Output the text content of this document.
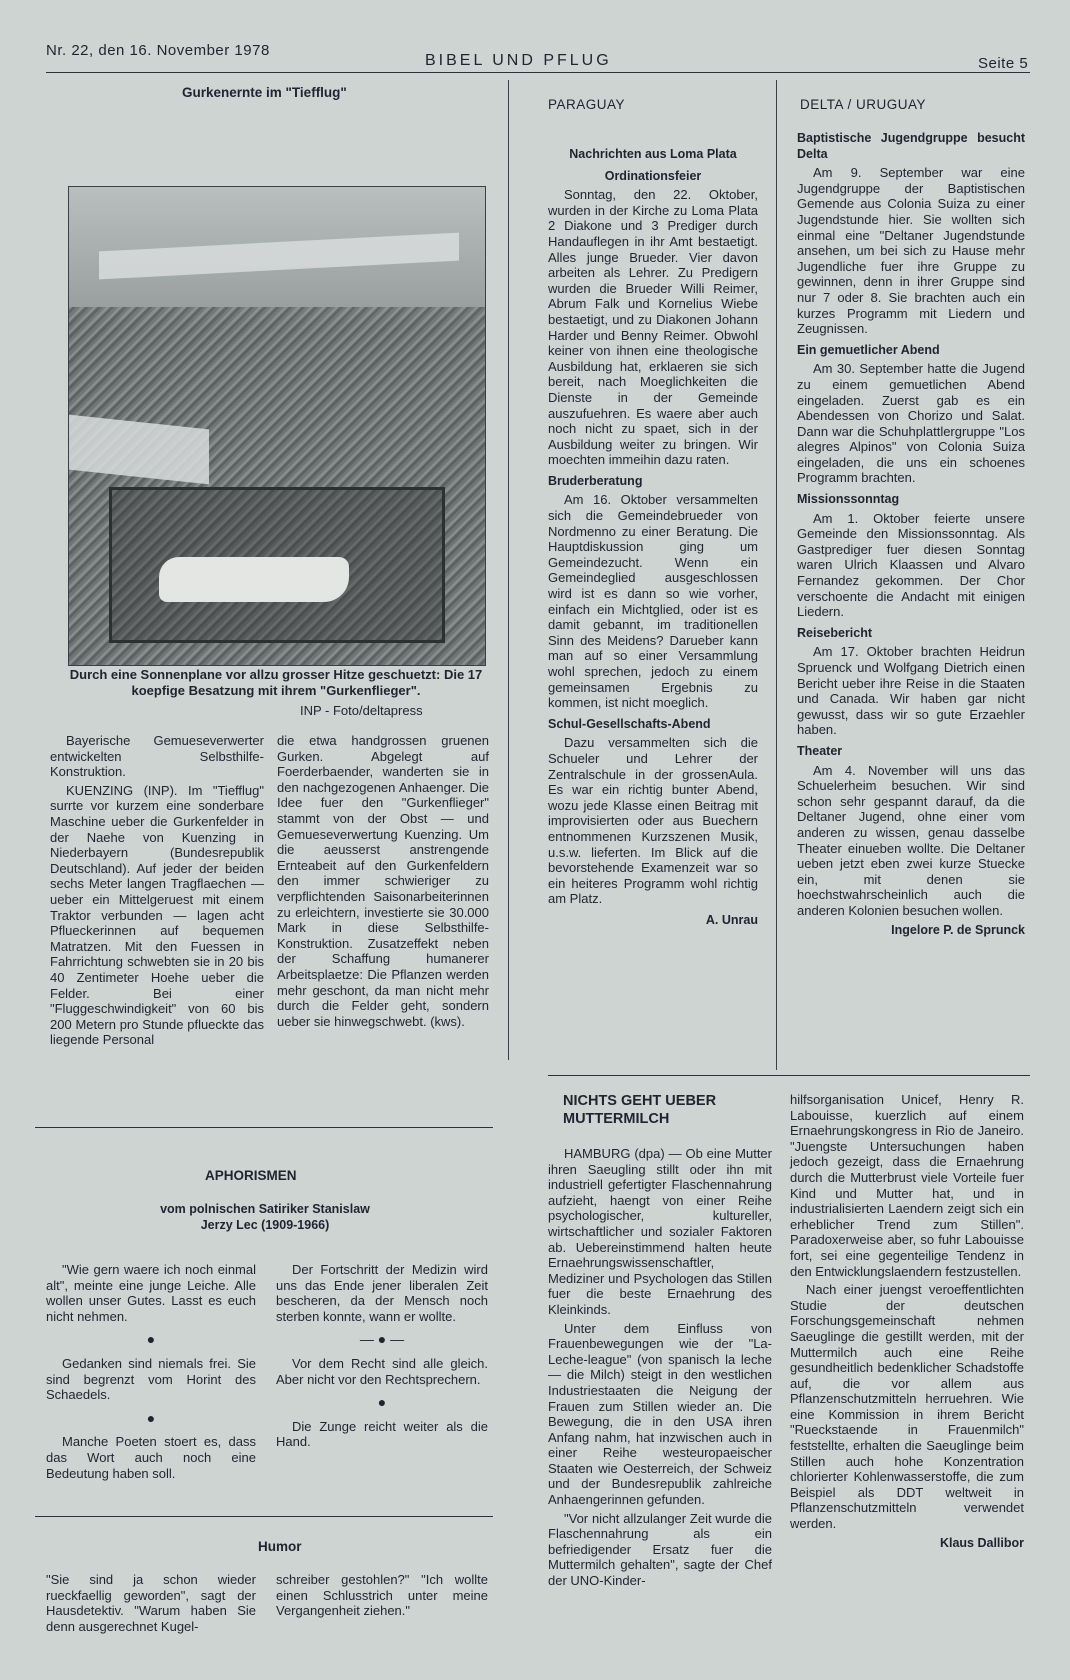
Nr. 22, den 16. November 1978
BIBEL UND PFLUG	Seite 5
Gurkenernte im "Tiefflug"
Durch eine Sonnenplane vor allzu grosser Hitze geschuetzt: Die 17 koepfige Besatzung mit ihrem "Gurkenflieger".
INP - Foto/deltapress

Bayerische Gemueseverwerter entwickelten Selbsthilfe-Konstruktion.

KUENZING (INP). Im "Tiefflug" surrte vor kurzem eine sonderbare Maschine ueber die Gurkenfelder in der Naehe von Kuenzing in Niederbayern (Bundesrepublik Deutschland). Auf jeder der beiden sechs Meter langen Tragflaechen — ueber ein Mittelgeruest mit einem Traktor verbunden — lagen acht Pflueckerinnen auf bequemen Matratzen. Mit den Fuessen in Fahrrichtung schwebten sie in 20 bis 40 Zentimeter Hoehe ueber die Felder. Bei einer "Fluggeschwindigkeit" von 60 bis 200 Metern pro Stunde pflueckte das liegende Personal

die etwa handgrossen gruenen Gurken. Abgelegt auf Foerderbaender, wanderten sie in den nachgezogenen Anhaenger. Die Idee fuer den "Gurkenflieger" stammt von der Obst — und Gemueseverwertung Kuenzing. Um die aeusserst anstrengende Ernteabeit auf den Gurkenfeldern den immer schwieriger zu verpflichtenden Saisonarbeiterinnen zu erleichtern, investierte sie 30.000 Mark in diese Selbsthilfe-Konstruktion. Zusatzeffekt neben der Schaffung humanerer Arbeitsplaetze: Die Pflanzen werden mehr geschont, da man nicht mehr durch die Felder geht, sondern ueber sie hinwegschwebt. (kws).

APHORISMEN
vom polnischen Satiriker Stanislaw Jerzy Lec (1909-1966)

"Wie gern waere ich noch einmal alt", meinte eine junge Leiche. Alle wollen unser Gutes. Lasst es euch nicht nehmen.

●

Gedanken sind niemals frei. Sie sind begrenzt vom Horint des Schaedels.

●

Manche Poeten stoert es, dass das Wort auch noch eine Bedeutung haben soll.

Der Fortschritt der Medizin wird uns das Ende jener liberalen Zeit bescheren, da der Mensch noch sterben konnte, wann er wollte.

— ● —

Vor dem Recht sind alle gleich. Aber nicht vor den Rechtsprechern.

●

Die Zunge reicht weiter als die Hand.

Humor

"Sie sind ja schon wieder rueckfaellig geworden", sagt der Hausdetektiv. "Warum haben Sie denn ausgerechnet Kugel-

schreiber gestohlen?" "Ich wollte einen Schlusstrich unter meine Vergangenheit ziehen."

PARAGUAY
Nachrichten aus Loma Plata
Ordinationsfeier

Sonntag, den 22. Oktober, wurden in der Kirche zu Loma Plata 2 Diakone und 3 Prediger durch Handauflegen in ihr Amt bestaetigt. Alles junge Brueder. Vier davon arbeiten als Lehrer. Zu Predigern wurden die Brueder Willi Reimer, Abrum Falk und Kornelius Wiebe bestaetigt, und zu Diakonen Johann Harder und Benny Reimer. Obwohl keiner von ihnen eine theologische Ausbildung hat, erklaeren sie sich bereit, nach Moeglichkeiten die Dienste in der Gemeinde auszufuehren. Es waere aber auch noch nicht zu spaet, sich in der Ausbildung weiter zu bringen. Wir moechten immeihin dazu raten.

Bruderberatung

Am 16. Oktober versammelten sich die Gemeindebrueder von Nordmenno zu einer Beratung. Die Hauptdiskussion ging um Gemeindezucht. Wenn ein Gemeindeglied ausgeschlossen wird ist es dann so wie vorher, einfach ein Michtglied, oder ist es damit gebannt, im traditionellen Sinn des Meidens? Darueber kann man auf so einer Versammlung wohl sprechen, jedoch zu einem gemeinsamen Ergebnis zu kommen, ist nicht moeglich.

Schul-Gesellschafts-Abend

Dazu versammelten sich die Schueler und Lehrer der Zentralschule in der grossenAula. Es war ein richtig bunter Abend, wozu jede Klasse einen Beitrag mit improvisierten oder aus Buechern entnommenen Kurzszenen Musik, u.s.w. lieferten. Im Blick auf die bevorstehende Examenzeit war so ein heiteres Programm wohl richtig am Platz.

A. Unrau
DELTA / URUGUAY
Baptistische Jugendgruppe besucht Delta

Am 9. September war eine Jugendgruppe der Baptistischen Gemende aus Colonia Suiza zu einer Jugendstunde hier. Sie wollten sich einmal eine "Deltaner Jugendstunde ansehen, um bei sich zu Hause mehr Jugendliche fuer ihre Gruppe zu gewinnen, denn in ihrer Gruppe sind nur 7 oder 8. Sie brachten auch ein kurzes Programm mit Liedern und Zeugnissen.

Ein gemuetlicher Abend

Am 30. September hatte die Jugend zu einem gemuetlichen Abend eingeladen. Zuerst gab es ein Abendessen von Chorizo und Salat. Dann war die Schuhplattlergruppe "Los alegres Alpinos" von Colonia Suiza eingeladen, die uns ein schoenes Programm brachten.

Missionssonntag

Am 1. Oktober feierte unsere Gemeinde den Missionssonntag. Als Gastprediger fuer diesen Sonntag waren Ulrich Klaassen und Alvaro Fernandez gekommen. Der Chor verschoente die Andacht mit einigen Liedern.

Reisebericht

Am 17. Oktober brachten Heidrun Spruenck und Wolfgang Dietrich einen Bericht ueber ihre Reise in die Staaten und Canada. Wir haben gar nicht gewusst, dass wir so gute Erzaehler haben.

Theater

Am 4. November will uns das Schuelerheim besuchen. Wir sind schon sehr gespannt darauf, da die Deltaner Jugend, ohne einer vom anderen zu wissen, genau dasselbe Theater einueben wollte. Die Deltaner ueben jetzt eben zwei kurze Stuecke ein, mit denen sie hoechstwahrscheinlich auch die anderen Kolonien besuchen wollen.

Ingelore P. de Sprunck
NICHTS GEHT UEBER MUTTERMILCH

HAMBURG (dpa) — Ob eine Mutter ihren Saeugling stillt oder ihn mit industriell gefertigter Flaschennahrung aufzieht, haengt von einer Reihe psychologischer, kultureller, wirtschaftlicher und sozialer Faktoren ab. Uebereinstimmend halten heute Ernaehrungswissenschaftler, Mediziner und Psychologen das Stillen fuer die beste Ernaehrung des Kleinkinds.

Unter dem Einfluss von Frauenbewegungen wie der "La-Leche-league" (von spanisch la leche — die Milch) steigt in den westlichen Industriestaaten die Neigung der Frauen zum Stillen wieder an. Die Bewegung, die in den USA ihren Anfang nahm, hat inzwischen auch in einer Reihe westeuropaeischer Staaten wie Oesterreich, der Schweiz und der Bundesrepublik zahlreiche Anhaengerinnen gefunden.

"Vor nicht allzulanger Zeit wurde die Flaschennahrung als ein befriedigender Ersatz fuer die Muttermilch gehalten", sagte der Chef der UNO-Kinder-

hilfsorganisation Unicef, Henry R. Labouisse, kuerzlich auf einem Ernaehrungskongress in Rio de Janeiro. "Juengste Untersuchungen haben jedoch gezeigt, dass die Ernaehrung durch die Mutterbrust viele Vorteile fuer Kind und Mutter hat, und in industrialisierten Laendern zeigt sich ein erheblicher Trend zum Stillen". Paradoxerweise aber, so fuhr Labouisse fort, sei eine gegenteilige Tendenz in den Entwicklungslaendern festzustellen.

Nach einer juengst veroeffentlichten Studie der deutschen Forschungsgemeinschaft nehmen Saeuglinge die gestillt werden, mit der Muttermilch auch eine Reihe gesundheitlich bedenklicher Schadstoffe auf, die vor allem aus Pflanzenschutzmitteln herruehren. Wie eine Kommission in ihrem Bericht "Rueckstaende in Frauenmilch" feststellte, erhalten die Saeuglinge beim Stillen auch hohe Konzentration chlorierter Kohlenwasserstoffe, die zum Beispiel als DDT weltweit in Pflanzenschutzmitteln verwendet werden.

Klaus Dallibor
